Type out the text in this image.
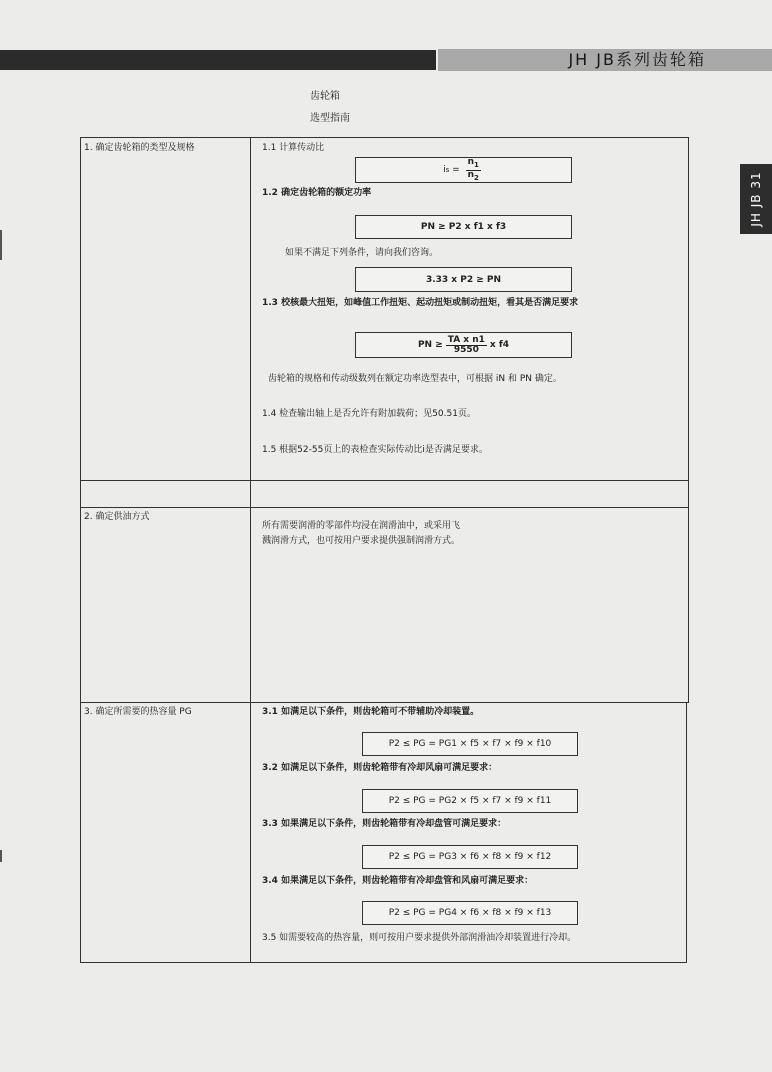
JH JB系列齿轮箱
JH JB 31
齿轮箱
选型指南
1. 确定齿轮箱的类型及规格	1.1 计算传动比
i $s = \frac{n_1}{n_2}$
1.2 确定齿轮箱的额定功率
PN ≥ P2 x f1 x f3
如果不满足下列条件，请向我们咨询。
3.33 x P2 ≥ PN
1.3 校核最大扭矩，如峰值工作扭矩、起动扭矩或制动扭矩，看其是否满足要求
PN ≥ $\frac{\text{TA x n1}}{9550}$ x f4
齿轮箱的规格和传动级数列在额定功率选型表中，可根据 iN 和 PN 确定。
1.4 检查输出轴上是否允许有附加载荷；见50.51页。
1.5 根据52-55页上的表检查实际传动比i是否满足要求。
2. 确定供油方式
所有需要润滑的零部件均浸在润滑油中，或采用飞
溅润滑方式，也可按用户要求提供强制润滑方式。
3. 确定所需要的热容量 PG	3.1 如满足以下条件，则齿轮箱可不带辅助冷却装置。
P2 ≤ PG = PG1 × f5 × f7 × f9 × f10
3.2 如满足以下条件，则齿轮箱带有冷却风扇可满足要求：
P2 ≤ PG = PG2 × f5 × f7 × f9 × f11
3.3 如果满足以下条件，则齿轮箱带有冷却盘管可满足要求：
P2 ≤ PG = PG3 × f6 × f8 × f9 × f12
3.4 如果满足以下条件，则齿轮箱带有冷却盘管和风扇可满足要求：
P2 ≤ PG = PG4 × f6 × f8 × f9 × f13
3.5 如需要较高的热容量，则可按用户要求提供外部润滑油冷却装置进行冷却。
